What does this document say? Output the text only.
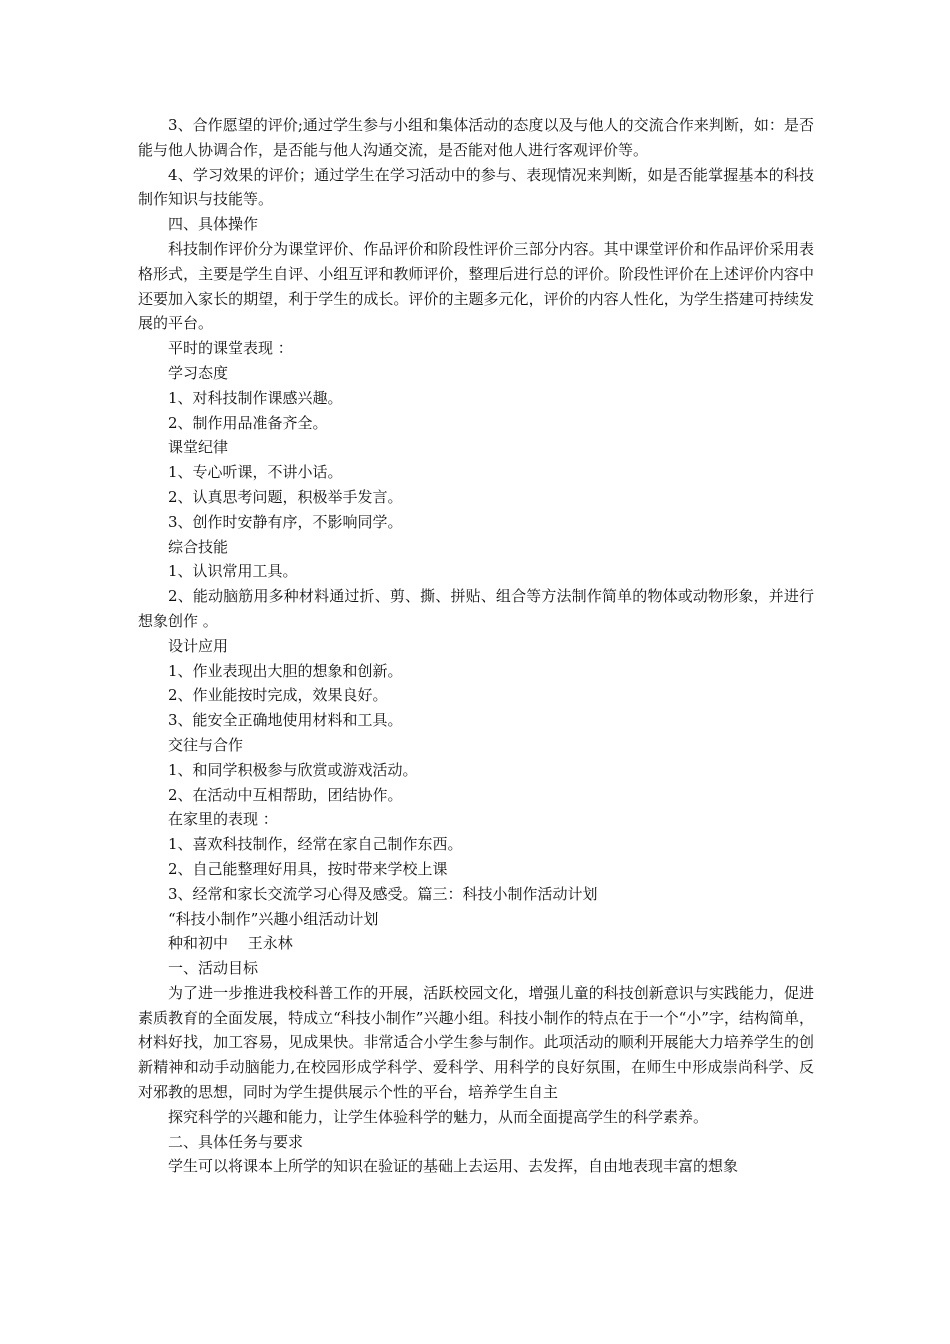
3、合作愿望的评价;通过学生参与小组和集体活动的态度以及与他人的交流合作来判断，如：是否能与他人协调合作，是否能与他人沟通交流，是否能对他人进行客观评价等。

4、学习效果的评价；通过学生在学习活动中的参与、表现情况来判断，如是否能掌握基本的科技制作知识与技能等。

四、具体操作

科技制作评价分为课堂评价、作品评价和阶段性评价三部分内容。其中课堂评价和作品评价采用表格形式，主要是学生自评、小组互评和教师评价，整理后进行总的评价。阶段性评价在上述评价内容中还要加入家长的期望，利于学生的成长。评价的主题多元化，评价的内容人性化，为学生搭建可持续发展的平台。

平时的课堂表现 ：

学习态度

1、对科技制作课感兴趣。

2、制作用品准备齐全。

课堂纪律

1、专心听课，不讲小话。

2、认真思考问题，积极举手发言。

3、创作时安静有序，不影响同学。

综合技能

1、认识常用工具。

2、能动脑筋用多种材料通过折、剪、撕、拼贴、组合等方法制作简单的物体或动物形象，并进行想象创作 。

设计应用

1、作业表现出大胆的想象和创新。

2、作业能按时完成，效果良好。

3、能安全正确地使用材料和工具。

交往与合作

1、和同学积极参与欣赏或游戏活动。

2、在活动中互相帮助，团结协作。

在家里的表现 ：

1、喜欢科技制作，经常在家自己制作东西。

2、自己能整理好用具，按时带来学校上课

3、经常和家长交流学习心得及感受。篇三：科技小制作活动计划

“科技小制作”兴趣小组活动计划

种和初中　 王永林

一、活动目标

为了进一步推进我校科普工作的开展，活跃校园文化，增强儿童的科技创新意识与实践能力，促进素质教育的全面发展，特成立“科技小制作”兴趣小组。科技小制作的特点在于一个“小”字，结构简单，材料好找，加工容易，见成果快。非常适合小学生参与制作。此项活动的顺利开展能大力培养学生的创新精神和动手动脑能力,在校园形成学科学、爱科学、用科学的良好氛围，在师生中形成崇尚科学、反对邪教的思想，同时为学生提供展示个性的平台，培养学生自主

探究科学的兴趣和能力，让学生体验科学的魅力，从而全面提高学生的科学素养。

二、具体任务与要求

学生可以将课本上所学的知识在验证的基础上去运用、去发挥，自由地表现丰富的想象
